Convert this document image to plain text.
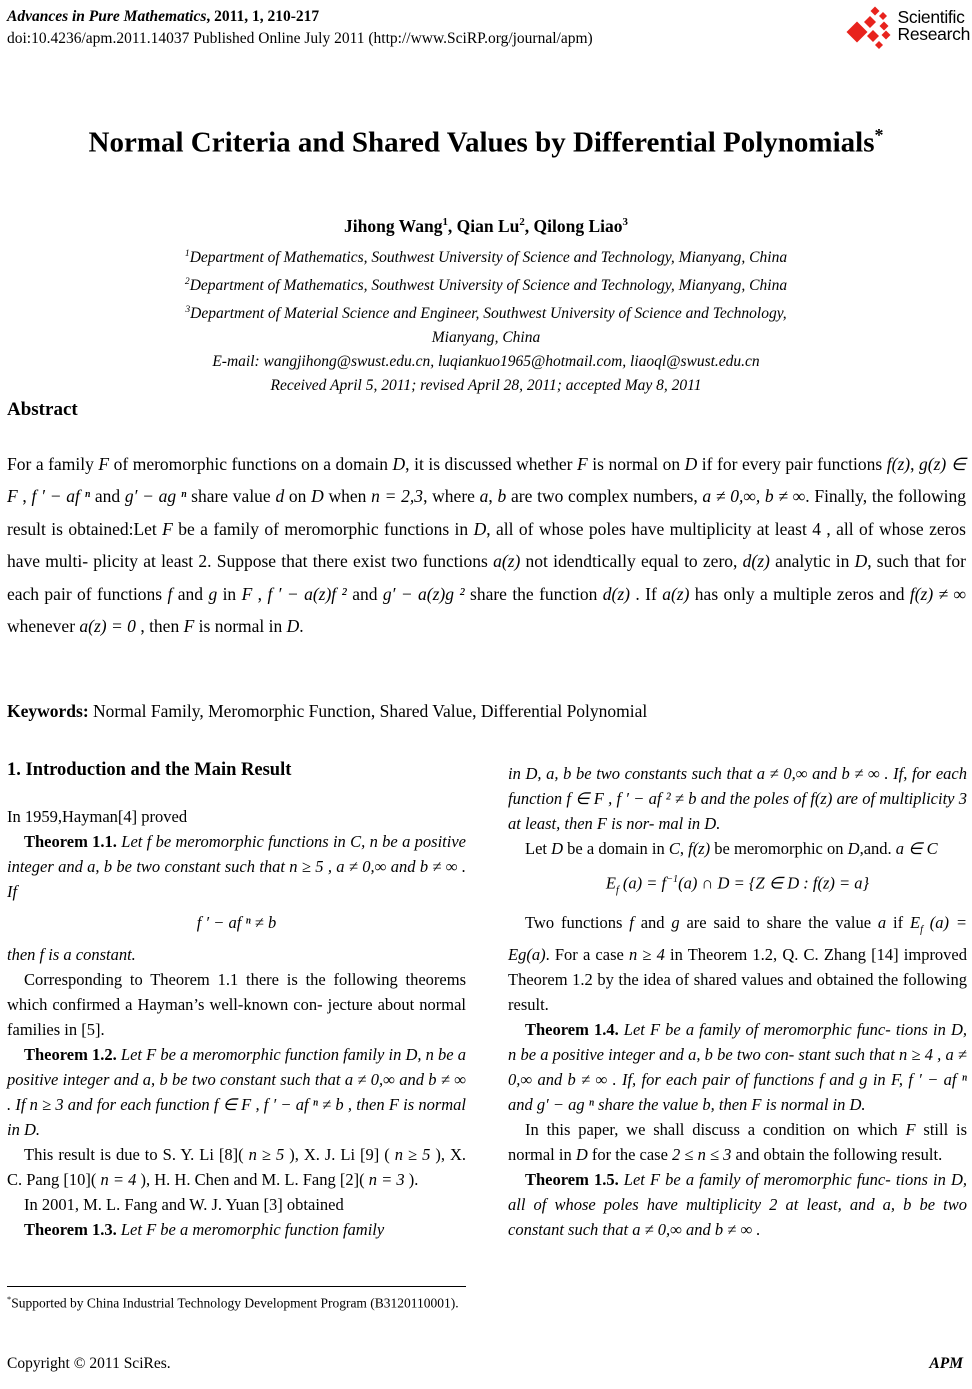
Advances in Pure Mathematics, 2011, 1, 210-217
doi:10.4236/apm.2011.14037 Published Online July 2011 (http://www.SciRP.org/journal/apm)
Scientific
Research
Normal Criteria and Shared Values by Differential Polynomials*
Jihong Wang$^1$, Qian Lu$^2$, Qilong Liao$^3$
$^1$Department of Mathematics, Southwest University of Science and Technology, Mianyang, China
$^2$Department of Mathematics, Southwest University of Science and Technology, Mianyang, China
$^3$Department of Material Science and Engineer, Southwest University of Science and Technology,
Mianyang, China
E-mail: wangjihong@swust.edu.cn, luqiankuo1965@hotmail.com, liaoql@swust.edu.cn
Received April 5, 2011; revised April 28, 2011; accepted May 8, 2011
Abstract
For a family F of meromorphic functions on a domain D, it is discussed whether F is normal on D if for every pair functions f(z), g(z) ∈ F , f ′ − af ⁿ and g′ − ag ⁿ share value d on D when n = 2,3, where a, b are two complex numbers, a ≠ 0,∞, b ≠ ∞. Finally, the following result is obtained:Let F be a family of meromorphic functions in D, all of whose poles have multiplicity at least 4 , all of whose zeros have multi- plicity at least 2. Suppose that there exist two functions a(z) not idendtically equal to zero, d(z) analytic in D, such that for each pair of functions f and g in F , f ′ − a(z)f ² and g′ − a(z)g ² share the function d(z) . If a(z) has only a multiple zeros and f(z) ≠ ∞ whenever a(z) = 0 , then F is normal in D.
Keywords: Normal Family, Meromorphic Function, Shared Value, Differential Polynomial
1. Introduction and the Main Result

In 1959,Hayman[4] proved

Theorem 1.1. Let f be meromorphic functions in C, n be a positive integer and a, b be two constant such that n ≥ 5 , a ≠ 0,∞ and b ≠ ∞ . If

f ′ − af ⁿ ≠ b

then f is a constant.

Corresponding to Theorem 1.1 there is the following theorems which confirmed a Hayman’s well-known con- jecture about normal families in [5].

Theorem 1.2. Let F be a meromorphic function family in D, n be a positive integer and a, b be two constant such that a ≠ 0,∞ and b ≠ ∞ . If n ≥ 3 and for each function f ∈ F , f ′ − af ⁿ ≠ b , then F is normal in D.

This result is due to S. Y. Li [8]( n ≥ 5 ), X. J. Li [9] ( n ≥ 5 ), X. C. Pang [10]( n = 4 ), H. H. Chen and M. L. Fang [2]( n = 3 ).

In 2001, M. L. Fang and W. J. Yuan [3] obtained

Theorem 1.3. Let F be a meromorphic function family

in D, a, b be two constants such that a ≠ 0,∞ and b ≠ ∞ . If, for each function f ∈ F , f ′ − af ² ≠ b and the poles of f(z) are of multiplicity 3 at least, then F is nor- mal in D.

Let D be a domain in C, f(z) be meromorphic on D,and. a ∈ C

$E_f$ $(a) = f^{-1}(a)$ ∩ D = {Z ∈ D : f(z) = a}

Two functions f and g are said to share the value a if $E_f$ (a) = Eg(a). For a case n ≥ 4 in Theorem 1.2, Q. C. Zhang [14] improved Theorem 1.2 by the idea of shared values and obtained the following result.

Theorem 1.4. Let F be a family of meromorphic func- tions in D, n be a positive integer and a, b be two con- stant such that n ≥ 4 , a ≠ 0,∞ and b ≠ ∞ . If, for each pair of functions f and g in F, f ′ − af ⁿ and g′ − ag ⁿ share the value b, then F is normal in D.

In this paper, we shall discuss a condition on which F still is normal in D for the case 2 ≤ n ≤ 3 and obtain the following result.

Theorem 1.5. Let F be a family of meromorphic func- tions in D, all of whose poles have multiplicity 2 at least, and a, b be two constant such that a ≠ 0,∞ and b ≠ ∞ .

*Supported by China Industrial Technology Development Program (B3120110001).
Copyright © 2011 SciRes.	APM
